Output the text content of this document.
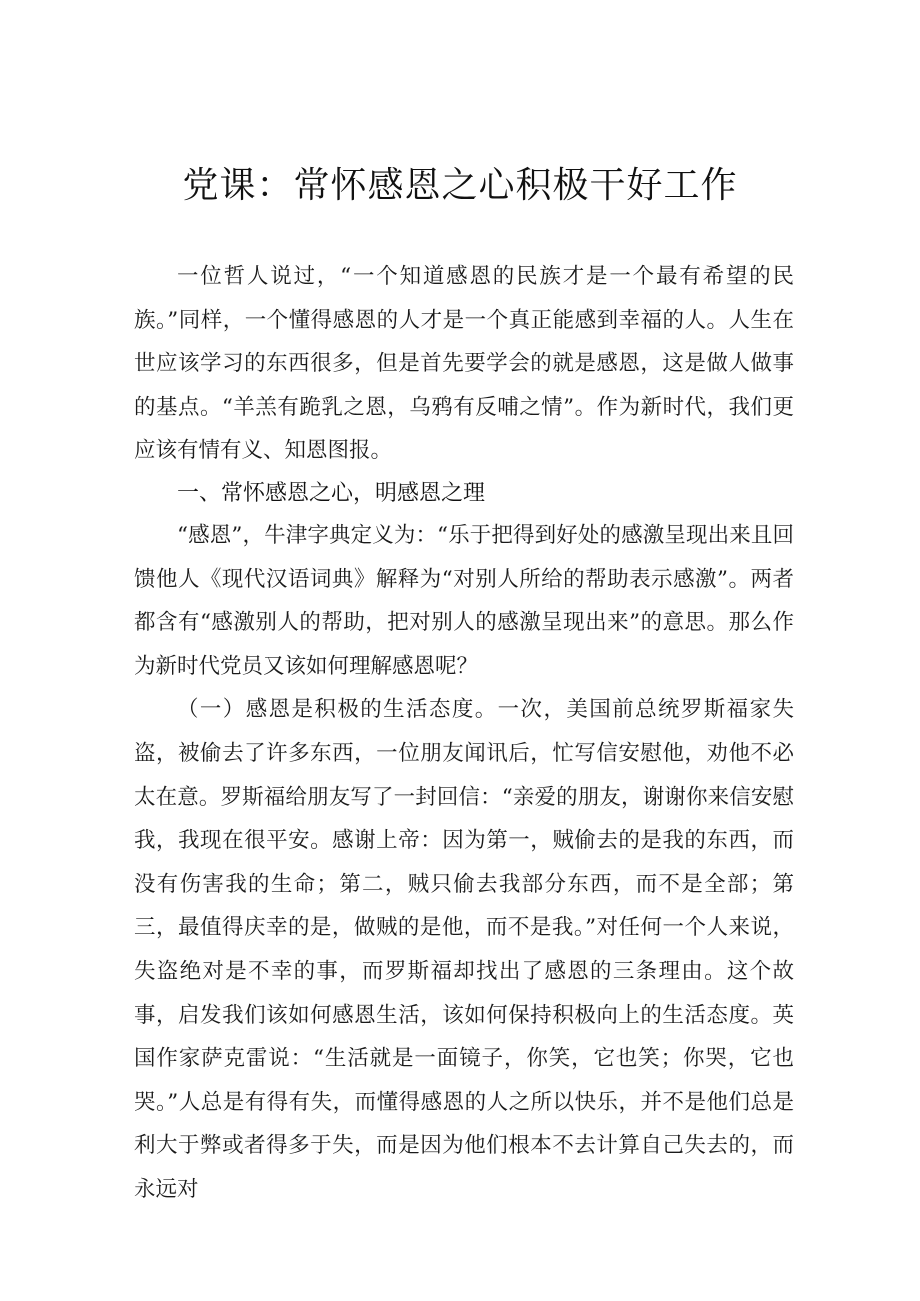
党课：常怀感恩之心积极干好工作

一位哲人说过，“一个知道感恩的民族才是一个最有希望的民族。”同样，一个懂得感恩的人才是一个真正能感到幸福的人。人生在世应该学习的东西很多，但是首先要学会的就是感恩，这是做人做事的基点。“羊羔有跪乳之恩，乌鸦有反哺之情”。作为新时代，我们更应该有情有义、知恩图报。

一、常怀感恩之心，明感恩之理

“感恩”，牛津字典定义为：“乐于把得到好处的感激呈现出来且回馈他人《现代汉语词典》解释为“对别人所给的帮助表示感激”。两者都含有“感激别人的帮助，把对别人的感激呈现出来”的意思。那么作为新时代党员又该如何理解感恩呢？

（一）感恩是积极的生活态度。一次，美国前总统罗斯福家失盗，被偷去了许多东西，一位朋友闻讯后，忙写信安慰他，劝他不必太在意。罗斯福给朋友写了一封回信：“亲爱的朋友，谢谢你来信安慰我，我现在很平安。感谢上帝：因为第一，贼偷去的是我的东西，而没有伤害我的生命；第二，贼只偷去我部分东西，而不是全部；第三，最值得庆幸的是，做贼的是他，而不是我。”对任何一个人来说，失盗绝对是不幸的事，而罗斯福却找出了感恩的三条理由。这个故事，启发我们该如何感恩生活，该如何保持积极向上的生活态度。英国作家萨克雷说：“生活就是一面镜子，你笑，它也笑；你哭，它也哭。”人总是有得有失，而懂得感恩的人之所以快乐，并不是他们总是利大于弊或者得多于失，而是因为他们根本不去计算自己失去的，而永远对
